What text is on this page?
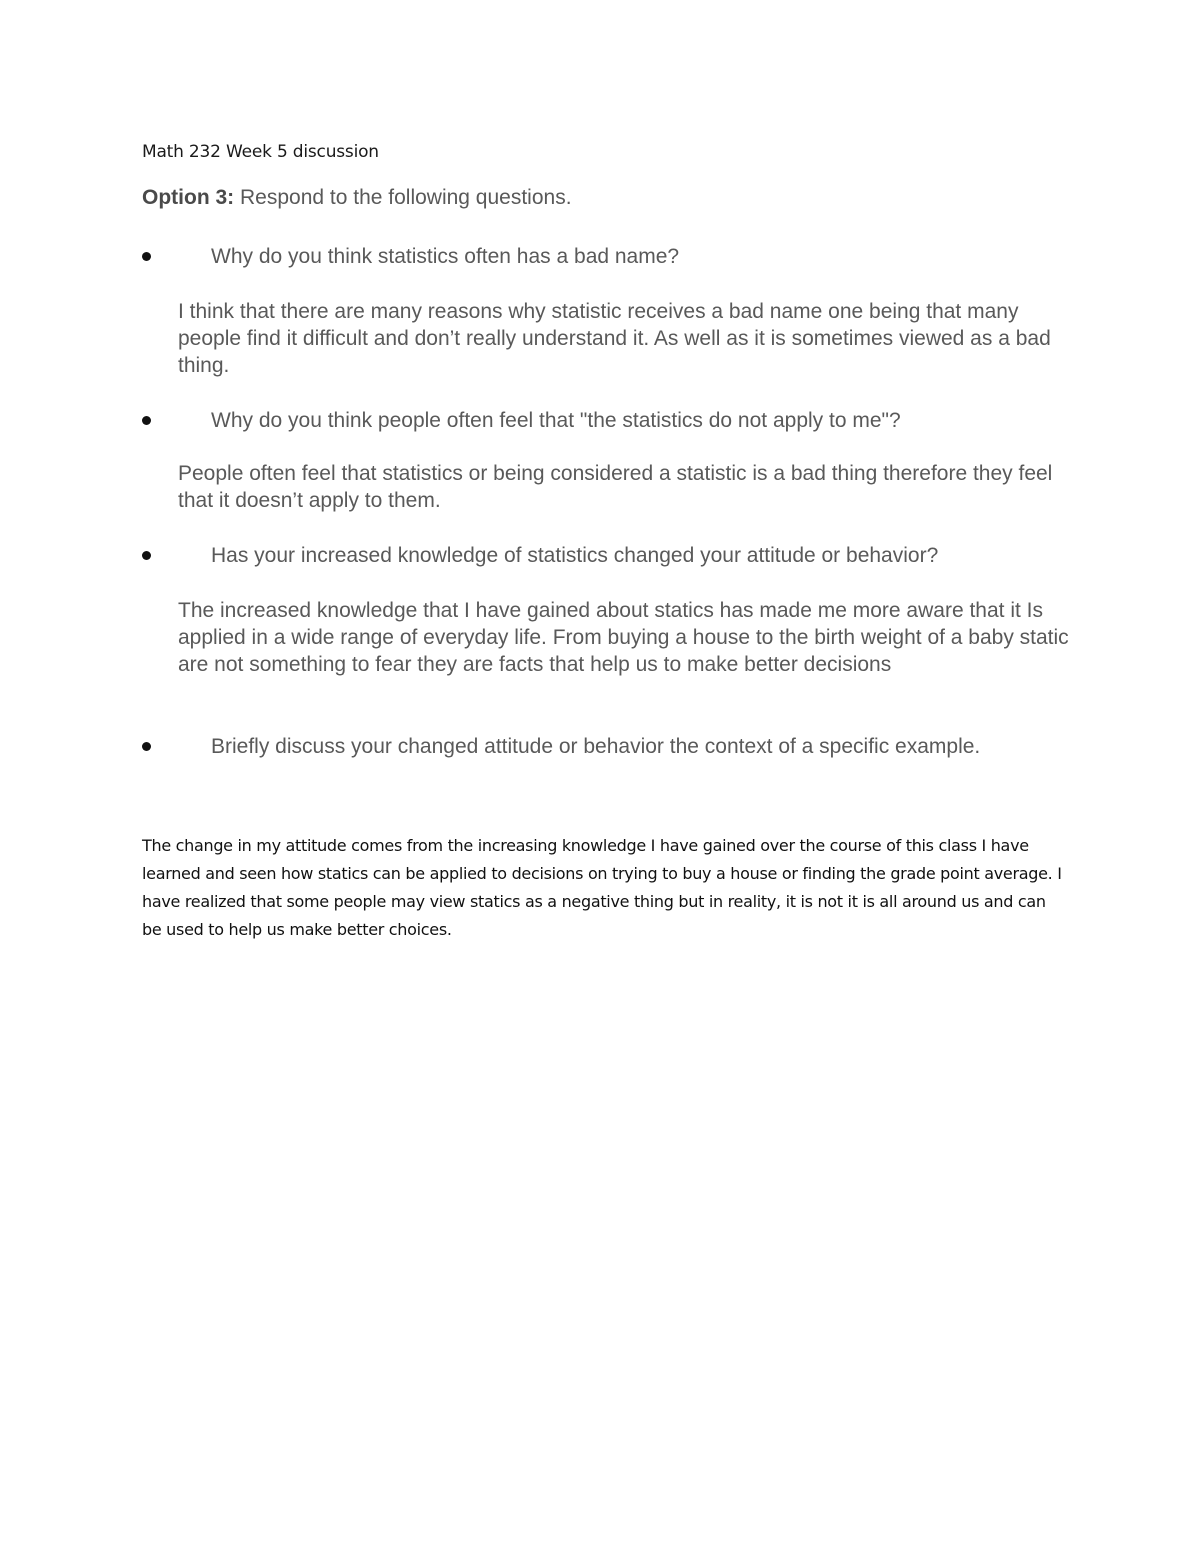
Math 232 Week 5 discussion
Option 3: Respond to the following questions.
Why do you think statistics often has a bad name?
I think that there are many reasons why statistic receives a bad name one being that many people find it difficult and don’t really understand it. As well as it is sometimes viewed as a bad thing.
Why do you think people often feel that "the statistics do not apply to me"?
People often feel that statistics or being considered a statistic is a bad thing therefore they feel that it doesn’t apply to them.
Has your increased knowledge of statistics changed your attitude or behavior?
The increased knowledge that I have gained about statics has made me more aware that it Is applied in a wide range of everyday life. From buying a house to the birth weight of a baby static are not something to fear they are facts that help us to make better decisions
Briefly discuss your changed attitude or behavior the context of a specific example.
The change in my attitude comes from the increasing knowledge I have gained over the course of this class I have learned and seen how statics can be applied to decisions on trying to buy a house or finding the grade point average. I have realized that some people may view statics as a negative thing but in reality, it is not it is all around us and can be used to help us make better choices.
